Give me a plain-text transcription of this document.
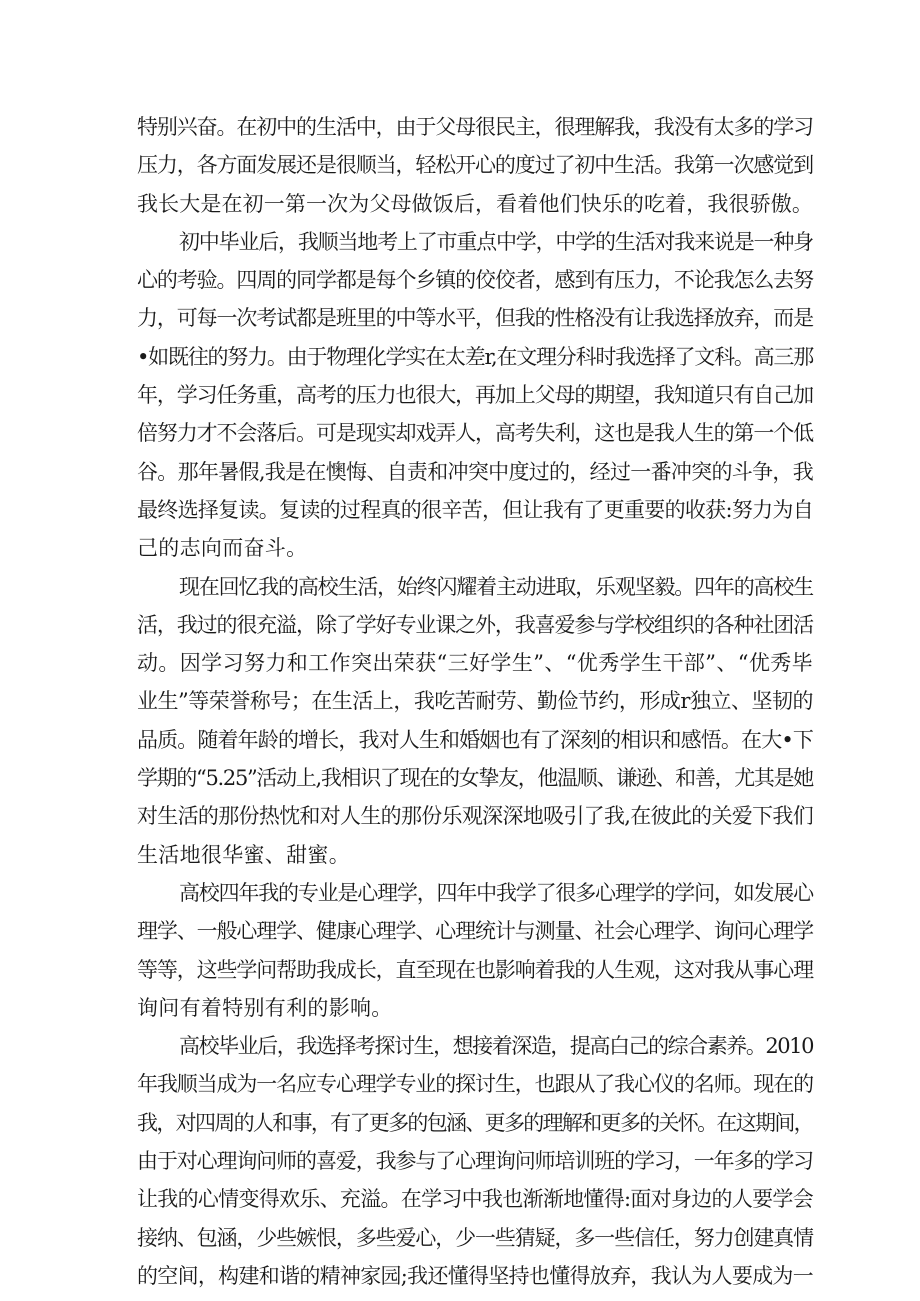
特别兴奋。在初中的生活中，由于父母很民主，很理解我，我没有太多的学习
压力，各方面发展还是很顺当，轻松开心的度过了初中生活。我第一次感觉到
我长大是在初一第一次为父母做饭后，看着他们快乐的吃着，我很骄傲。
初中毕业后，我顺当地考上了市重点中学，中学的生活对我来说是一种身
心的考验。四周的同学都是每个乡镇的佼佼者，感到有压力，不论我怎么去努
力，可每一次考试都是班里的中等水平，但我的性格没有让我选择放弃，而是
•如既往的努力。由于物理化学实在太差r,在文理分科时我选择了文科。高三那
年，学习任务重，高考的压力也很大，再加上父母的期望，我知道只有自己加
倍努力才不会落后。可是现实却戏弄人，高考失利，这也是我人生的第一个低
谷。那年暑假,我是在懊悔、自责和冲突中度过的，经过一番冲突的斗争，我
最终选择复读。复读的过程真的很辛苦，但让我有了更重要的收获:努力为自
己的志向而奋斗。
现在回忆我的高校生活，始终闪耀着主动进取，乐观坚毅。四年的高校生
活，我过的很充溢，除了学好专业课之外，我喜爱参与学校组织的各种社团活
动。因学习努力和工作突出荣获“三好学生”、“优秀学生干部”、“优秀毕
业生”等荣誉称号；在生活上，我吃苦耐劳、勤俭节约，形成r独立、坚韧的
品质。随着年龄的增长，我对人生和婚姻也有了深刻的相识和感悟。在大•下
学期的“5.25”活动上,我相识了现在的女挚友，他温顺、谦逊、和善，尤其是她
对生活的那份热忱和对人生的那份乐观深深地吸引了我,在彼此的关爱下我们
生活地很华蜜、甜蜜。
高校四年我的专业是心理学，四年中我学了很多心理学的学问，如发展心
理学、一般心理学、健康心理学、心理统计与测量、社会心理学、询问心理学
等等，这些学问帮助我成长，直至现在也影响着我的人生观，这对我从事心理
询问有着特别有利的影响。
高校毕业后，我选择考探讨生，想接着深造，提高白己的综合素养。2010
年我顺当成为一名应专心理学专业的探讨生，也跟从了我心仪的名师。现在的
我，对四周的人和事，有了更多的包涵、更多的理解和更多的关怀。在这期间，
由于对心理询问师的喜爱，我参与了心理询问师培训班的学习，一年多的学习
让我的心情变得欢乐、充溢。在学习中我也渐渐地懂得:面对身边的人要学会
接纳、包涵，少些嫉恨，多些爱心，少一些猜疑，多一些信任，努力创建真情
的空间，构建和谐的精神家园;我还懂得坚持也懂得放弃，我认为人要成为一
